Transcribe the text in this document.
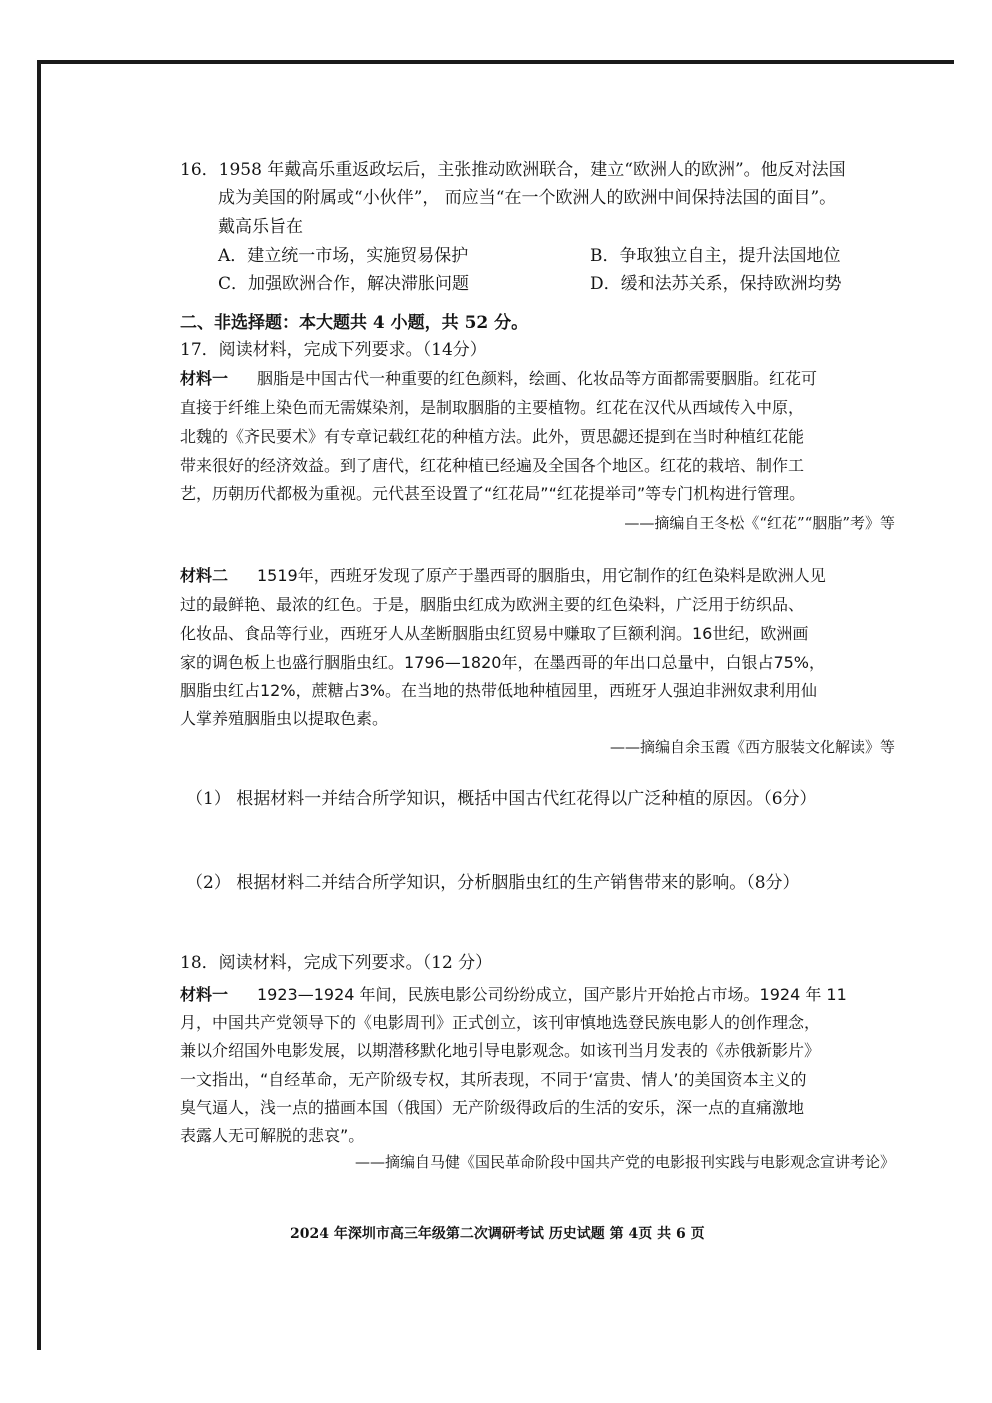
16．1958 年戴高乐重返政坛后，主张推动欧洲联合，建立“欧洲人的欧洲”。他反对法国
成为美国的附属或“小伙伴”， 而应当“在一个欧洲人的欧洲中间保持法国的面目”。
戴高乐旨在
A．建立统一市场，实施贸易保护	B．争取独立自主，提升法国地位
C．加强欧洲合作，解决滞胀问题	D．缓和法苏关系，保持欧洲均势
二、非选择题：本大题共 4 小题，共 52 分。
17．阅读材料，完成下列要求。（14分）
材料一 胭脂是中国古代一种重要的红色颜料，绘画、化妆品等方面都需要胭脂。红花可
直接于纤维上染色而无需媒染剂，是制取胭脂的主要植物。红花在汉代从西域传入中原，
北魏的《齐民要术》有专章记载红花的种植方法。此外，贾思勰还提到在当时种植红花能
带来很好的经济效益。到了唐代，红花种植已经遍及全国各个地区。红花的栽培、制作工
艺，历朝历代都极为重视。元代甚至设置了“红花局”“红花提举司”等专门机构进行管理。
——摘编自王冬松《“红花”“胭脂”考》等
材料二 1519年，西班牙发现了原产于墨西哥的胭脂虫，用它制作的红色染料是欧洲人见
过的最鲜艳、最浓的红色。于是，胭脂虫红成为欧洲主要的红色染料，广泛用于纺织品、
化妆品、食品等行业，西班牙人从垄断胭脂虫红贸易中赚取了巨额利润。16世纪，欧洲画
家的调色板上也盛行胭脂虫红。1796—1820年，在墨西哥的年出口总量中，白银占75%，
胭脂虫红占12%，蔗糖占3%。在当地的热带低地种植园里，西班牙人强迫非洲奴隶利用仙
人掌养殖胭脂虫以提取色素。
——摘编自余玉霞《西方服装文化解读》等
（1） 根据材料一并结合所学知识，概括中国古代红花得以广泛种植的原因。（6分）
（2） 根据材料二并结合所学知识，分析胭脂虫红的生产销售带来的影响。（8分）
18．阅读材料，完成下列要求。（12 分）
材料一 1923—1924 年间，民族电影公司纷纷成立，国产影片开始抢占市场。1924 年 11
月，中国共产党领导下的《电影周刊》正式创立，该刊审慎地选登民族电影人的创作理念，
兼以介绍国外电影发展，以期潜移默化地引导电影观念。如该刊当月发表的《赤俄新影片》
一文指出，“自经革命，无产阶级专权，其所表现，不同于‘富贵、情人’的美国资本主义的
臭气逼人，浅一点的描画本国（俄国）无产阶级得政后的生活的安乐，深一点的直痛激地
表露人无可解脱的悲哀”。
——摘编自马健《国民革命阶段中国共产党的电影报刊实践与电影观念宣讲考论》
2024 年深圳市高三年级第二次调研考试 历史试题 第 4页 共 6 页
